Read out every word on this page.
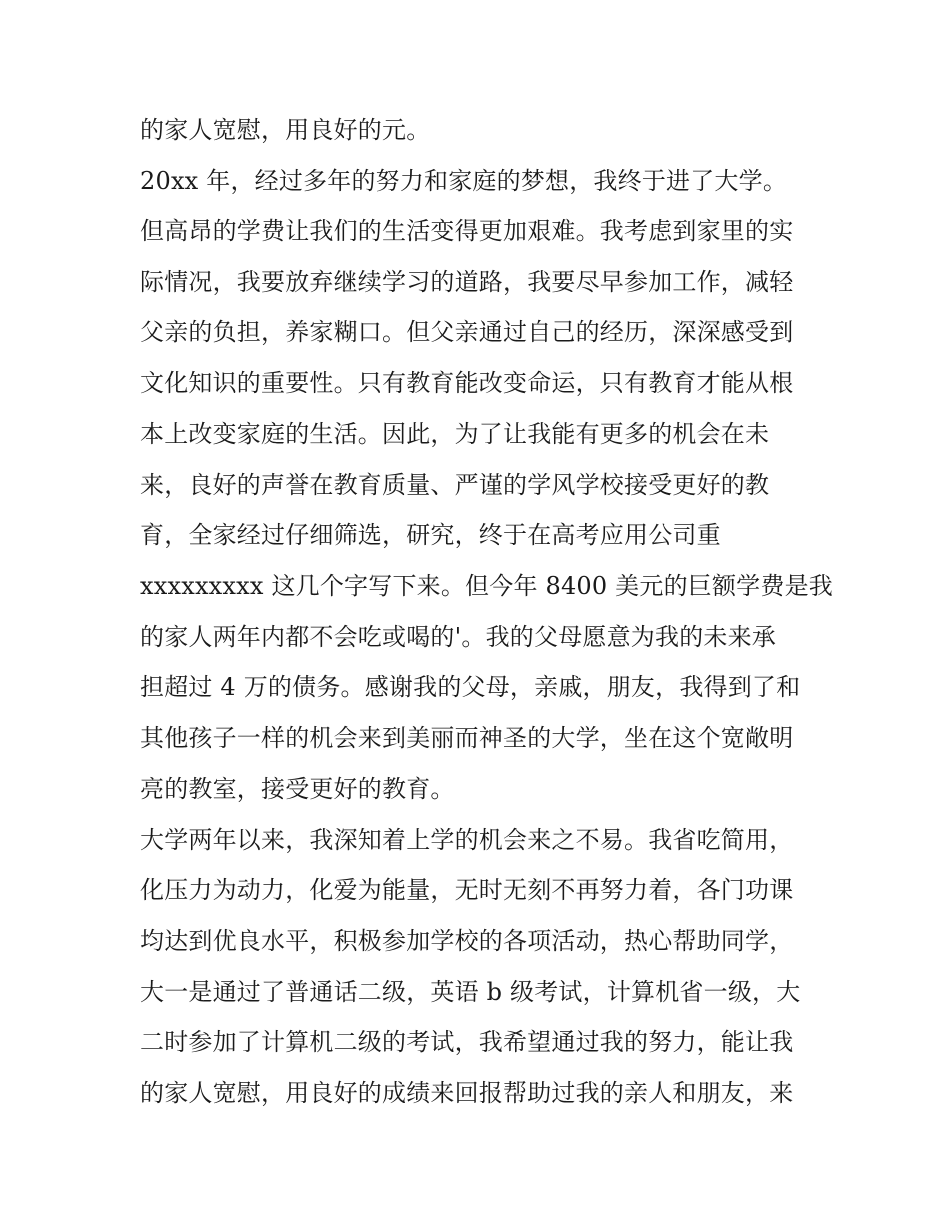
的家人宽慰，用良好的元。
20xx 年，经过多年的努力和家庭的梦想，我终于进了大学。
但高昂的学费让我们的生活变得更加艰难。我考虑到家里的实
际情况，我要放弃继续学习的道路，我要尽早参加工作，减轻
父亲的负担，养家糊口。但父亲通过自己的经历，深深感受到
文化知识的重要性。只有教育能改变命运，只有教育才能从根
本上改变家庭的生活。因此，为了让我能有更多的机会在未
来，良好的声誉在教育质量、严谨的学风学校接受更好的教
育，全家经过仔细筛选，研究，终于在高考应用公司重
xxxxxxxxx 这几个字写下来。但今年 8400 美元的巨额学费是我
的家人两年内都不会吃或喝的'。我的父母愿意为我的未来承
担超过 4 万的债务。感谢我的父母，亲戚，朋友，我得到了和
其他孩子一样的机会来到美丽而神圣的大学，坐在这个宽敞明
亮的教室，接受更好的教育。
大学两年以来，我深知着上学的机会来之不易。我省吃简用，
化压力为动力，化爱为能量，无时无刻不再努力着，各门功课
均达到优良水平，积极参加学校的各项活动，热心帮助同学，
大一是通过了普通话二级，英语 b 级考试，计算机省一级，大
二时参加了计算机二级的考试，我希望通过我的努力，能让我
的家人宽慰，用良好的成绩来回报帮助过我的亲人和朋友，来
